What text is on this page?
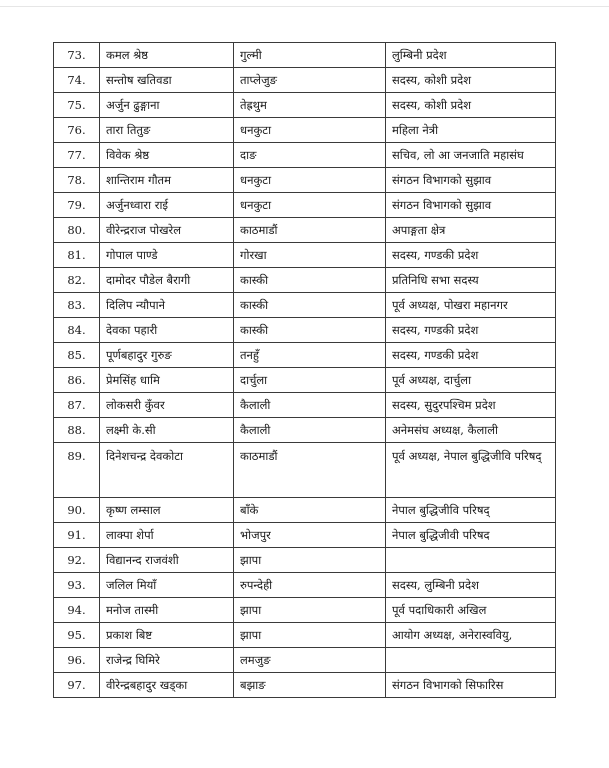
73.	कमल श्रेष्ठ	गुल्मी	लुम्बिनी प्रदेश
74.	सन्तोष खतिवडा	ताप्लेजुङ	सदस्य, कोशी प्रदेश
75.	अर्जुन ढुङ्गाना	तेह्रथुम	सदस्य, कोशी प्रदेश
76.	तारा तितुङ	धनकुटा	महिला नेत्री
77.	विवेक श्रेष्ठ	दाङ	सचिव, लो आ जनजाति महासंघ
78.	शान्तिराम गौतम	धनकुटा	संगठन विभागको सुझाव
79.	अर्जुनध्वारा राई	धनकुटा	संगठन विभागको सुझाव
80.	वीरेन्द्रराज पोखरेल	काठमाडौं	अपाङ्गता क्षेत्र
81.	गोपाल पाण्डे	गोरखा	सदस्य, गण्डकी प्रदेश
82.	दामोदर पौडेल बैरागी	कास्की	प्रतिनिधि सभा सदस्य
83.	दिलिप न्यौपाने	कास्की	पूर्व अध्यक्ष, पोखरा महानगर
84.	देवका पहारी	कास्की	सदस्य, गण्डकी प्रदेश
85.	पूर्णबहादुर गुरुङ	तनहुँ	सदस्य, गण्डकी प्रदेश
86.	प्रेमसिंह धामि	दार्चुला	पूर्व अध्यक्ष, दार्चुला
87.	लोकसरी कुँवर	कैलाली	सदस्य, सुदुरपश्चिम प्रदेश
88.	लक्ष्मी के.सी	कैलाली	अनेमसंघ अध्यक्ष, कैलाली
89.	दिनेशचन्द्र देवकोटा	काठमाडौं	पूर्व अध्यक्ष, नेपाल बुद्धिजीवि परिषद्
90.	कृष्ण लम्साल	बाँके	नेपाल बुद्धिजीवि परिषद्
91.	लाक्पा शेर्पा	भोजपुर	नेपाल बुद्धिजीवी परिषद
92.	विद्यानन्द राजवंशी	झापा	
93.	जलिल मियाँ	रुपन्देही	सदस्य, लुम्बिनी प्रदेश
94.	मनोज तास्मी	झापा	पूर्व पदाधिकारी अखिल
95.	प्रकाश बिष्ट	झापा	आयोग अध्यक्ष, अनेरास्ववियु,
96.	राजेन्द्र घिमिरे	लमजुङ	
97.	वीरेन्द्रबहादुर खड्का	बझाङ	संगठन विभागको सिफारिस
